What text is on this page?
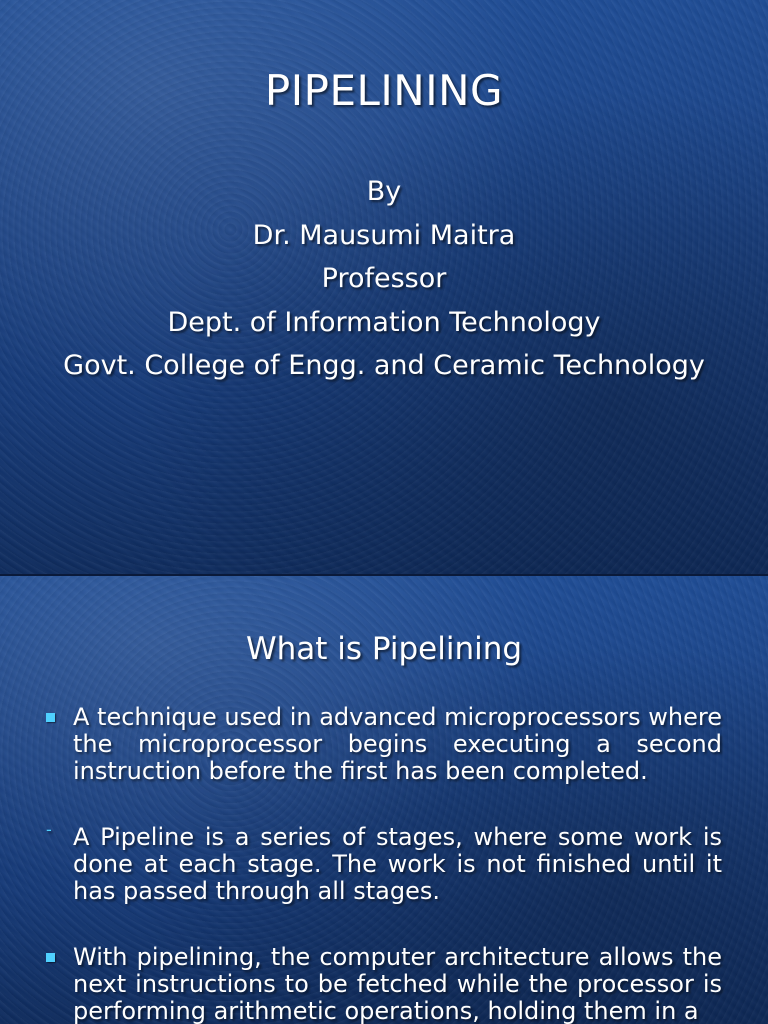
PIPELINING
By
Dr. Mausumi Maitra
Professor
Dept. of Information Technology
Govt. College of Engg. and Ceramic Technology
What is Pipelining
A technique used in advanced microprocessors where the microprocessor begins executing a second instruction before the first has been completed.
- A Pipeline is a series of stages, where some work is done at each stage. The work is not finished until it has passed through all stages.
With pipelining, the computer architecture allows the next instructions to be fetched while the processor is performing arithmetic operations, holding them in a
